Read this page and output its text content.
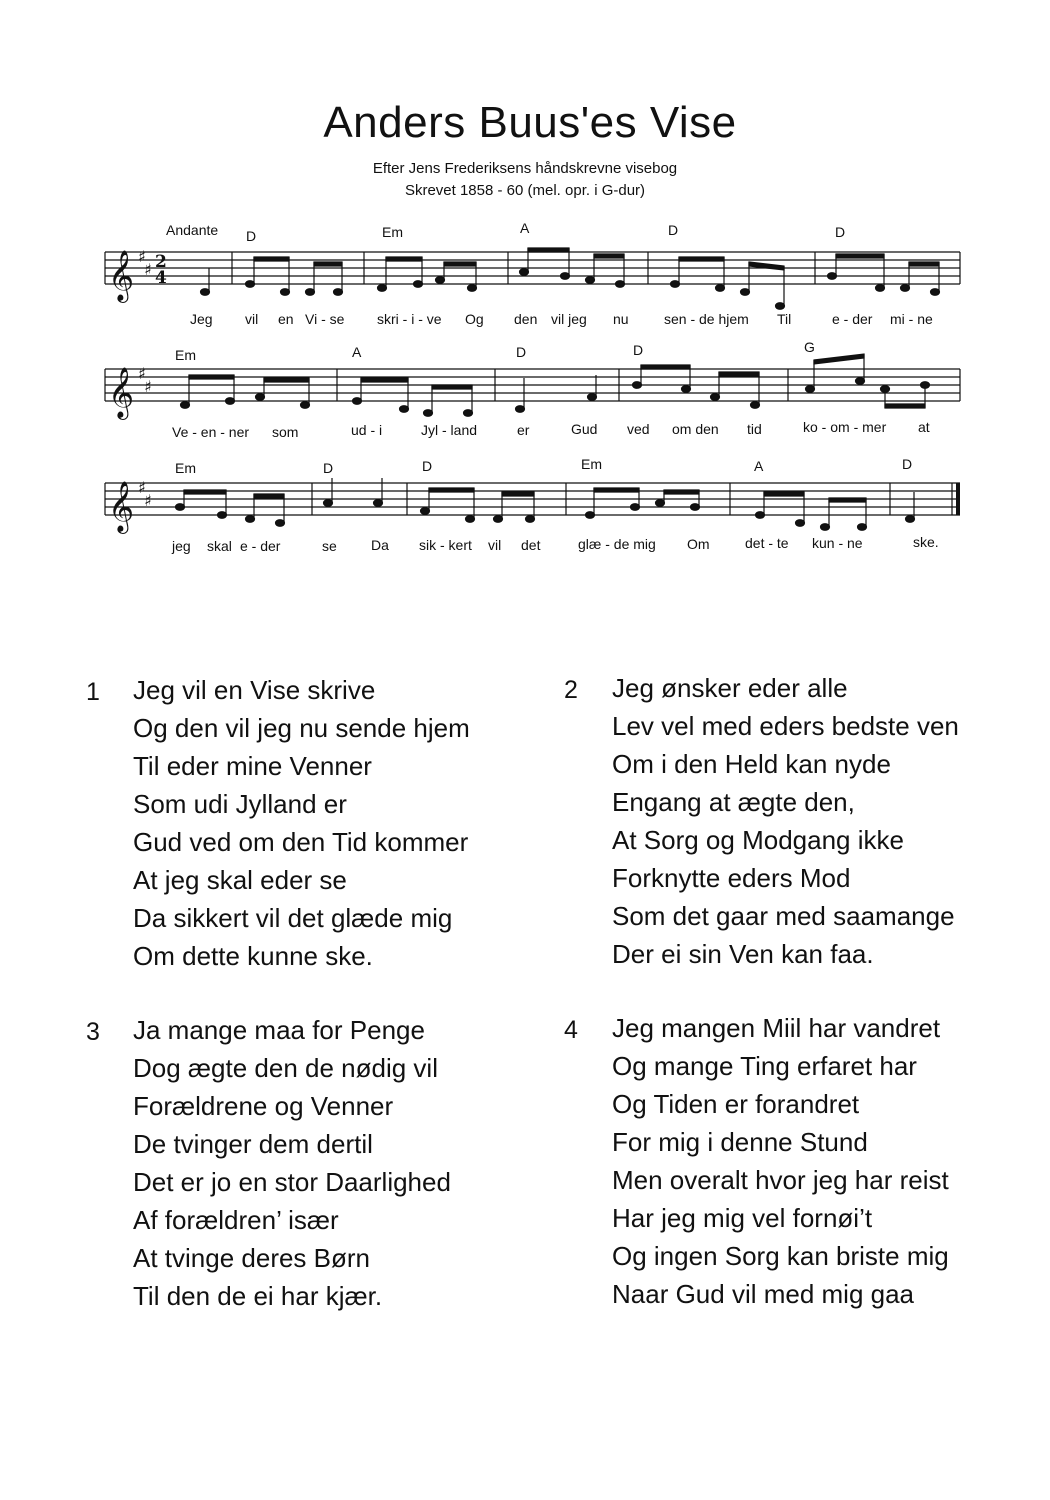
Anders Buus'es Vise
Efter Jens Frederiksens håndskrevne visebog
Skrevet 1858 - 60 (mel. opr. i G-dur)
Andante
𝄞
𝄞
𝄞
♯
♯
♯
♯
♯
♯
2
4
D	Em	A	D	D
Jeg vil en Vi - se skri - i - ve Og den vil jeg nu	sen - de hjem Til	e - der mi - ne
Em	A	D	D	G
Ve - en - ner som	ud - i	Jyl - land	er	Gud ved om den tid	ko - om - mer at
Em	D	D	Em	A	D
jeg skal e - der	se Da sik - kert vil det	glæ - de mig Om	det - te kun - ne	ske.
1 Jeg vil en Vise skrive
Og den vil jeg nu sende hjem
Til eder mine Venner
Som udi Jylland er
Gud ved om den Tid kommer
At jeg skal eder se
Da sikkert vil det glæde mig
Om dette kunne ske.
2 Jeg ønsker eder alle
Lev vel med eders bedste ven
Om i den Held kan nyde
Engang at ægte den,
At Sorg og Modgang ikke
Forknytte eders Mod
Som det gaar med saamange
Der ei sin Ven kan faa.
3 Ja mange maa for Penge
Dog ægte den de nødig vil
Forældrene og Venner
De tvinger dem dertil
Det er jo en stor Daarlighed
Af forældren’ især
At tvinge deres Børn
Til den de ei har kjær.
4 Jeg mangen Miil har vandret
Og mange Ting erfaret har
Og Tiden er forandret
For mig i denne Stund
Men overalt hvor jeg har reist
Har jeg mig vel fornøi’t
Og ingen Sorg kan briste mig
Naar Gud vil med mig gaa
